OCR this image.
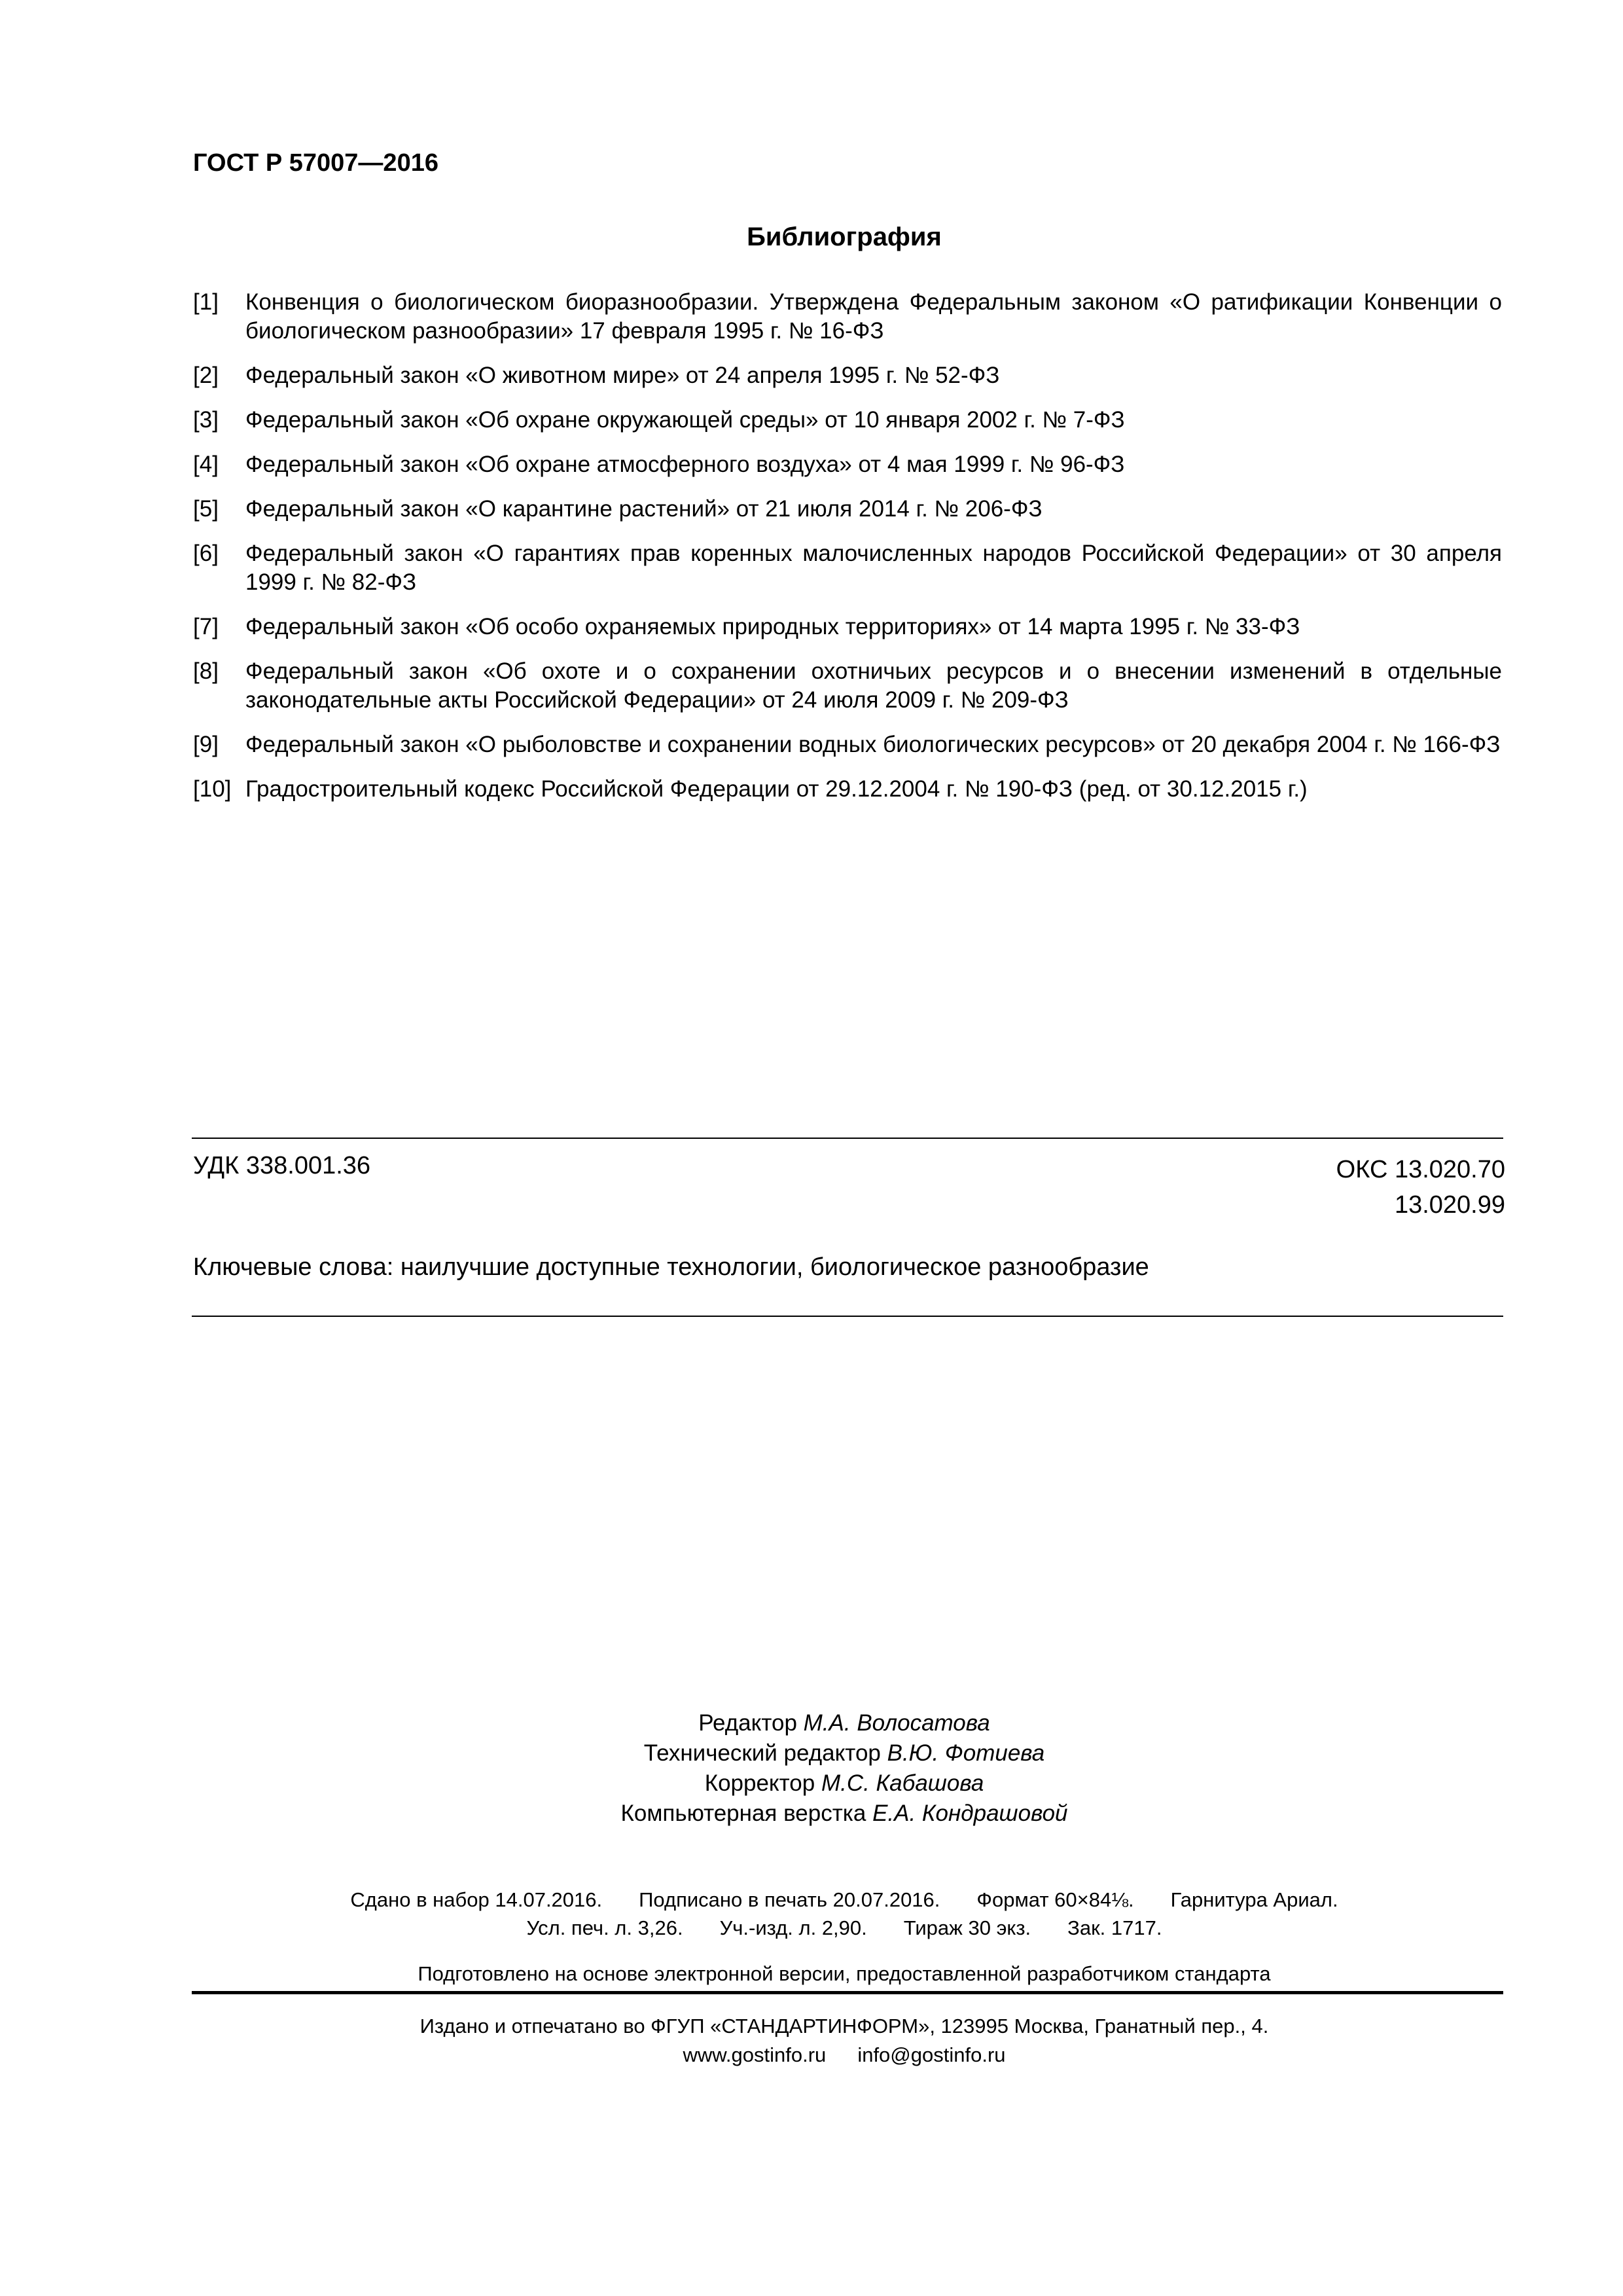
ГОСТ Р 57007—2016
Библиография
[1] Конвенция о биологическом биоразнообразии. Утверждена Федеральным законом «О ратификации Конвенции о биологическом разнообразии» 17 февраля 1995 г. № 16-ФЗ
[2] Федеральный закон «О животном мире» от 24 апреля 1995 г. № 52-ФЗ
[3] Федеральный закон «Об охране окружающей среды» от 10 января 2002 г. № 7-ФЗ
[4] Федеральный закон «Об охране атмосферного воздуха» от 4 мая 1999 г. № 96-ФЗ
[5] Федеральный закон «О карантине растений» от 21 июля 2014 г. № 206-ФЗ
[6] Федеральный закон «О гарантиях прав коренных малочисленных народов Российской Федерации» от 30 апреля 1999 г. № 82-ФЗ
[7] Федеральный закон «Об особо охраняемых природных территориях» от 14 марта 1995 г. № 33-ФЗ
[8] Федеральный закон «Об охоте и о сохранении охотничьих ресурсов и о внесении изменений в отдельные законодательные акты Российской Федерации» от 24 июля 2009 г. № 209-ФЗ
[9] Федеральный закон «О рыболовстве и сохранении водных биологических ресурсов» от 20 декабря 2004 г. № 166-ФЗ
[10] Градостроительный кодекс Российской Федерации от 29.12.2004 г. № 190-ФЗ (ред. от 30.12.2015 г.)
УДК 338.001.36	ОКС 13.020.70
13.020.99
Ключевые слова: наилучшие доступные технологии, биологическое разнообразие
Редактор М.А. Волосатова
Технический редактор В.Ю. Фотиева
Корректор М.С. Кабашова
Компьютерная верстка Е.А. Кондрашовой
Сдано в набор 14.07.2016. Подписано в печать 20.07.2016. Формат 60×84⅛. Гарнитура Ариал.
Усл. печ. л. 3,26. Уч.-изд. л. 2,90. Тираж 30 экз. Зак. 1717.
Подготовлено на основе электронной версии, предоставленной разработчиком стандарта
Издано и отпечатано во ФГУП «СТАНДАРТИНФОРМ», 123995 Москва, Гранатный пер., 4.
www.gostinfo.ru info@gostinfo.ru
